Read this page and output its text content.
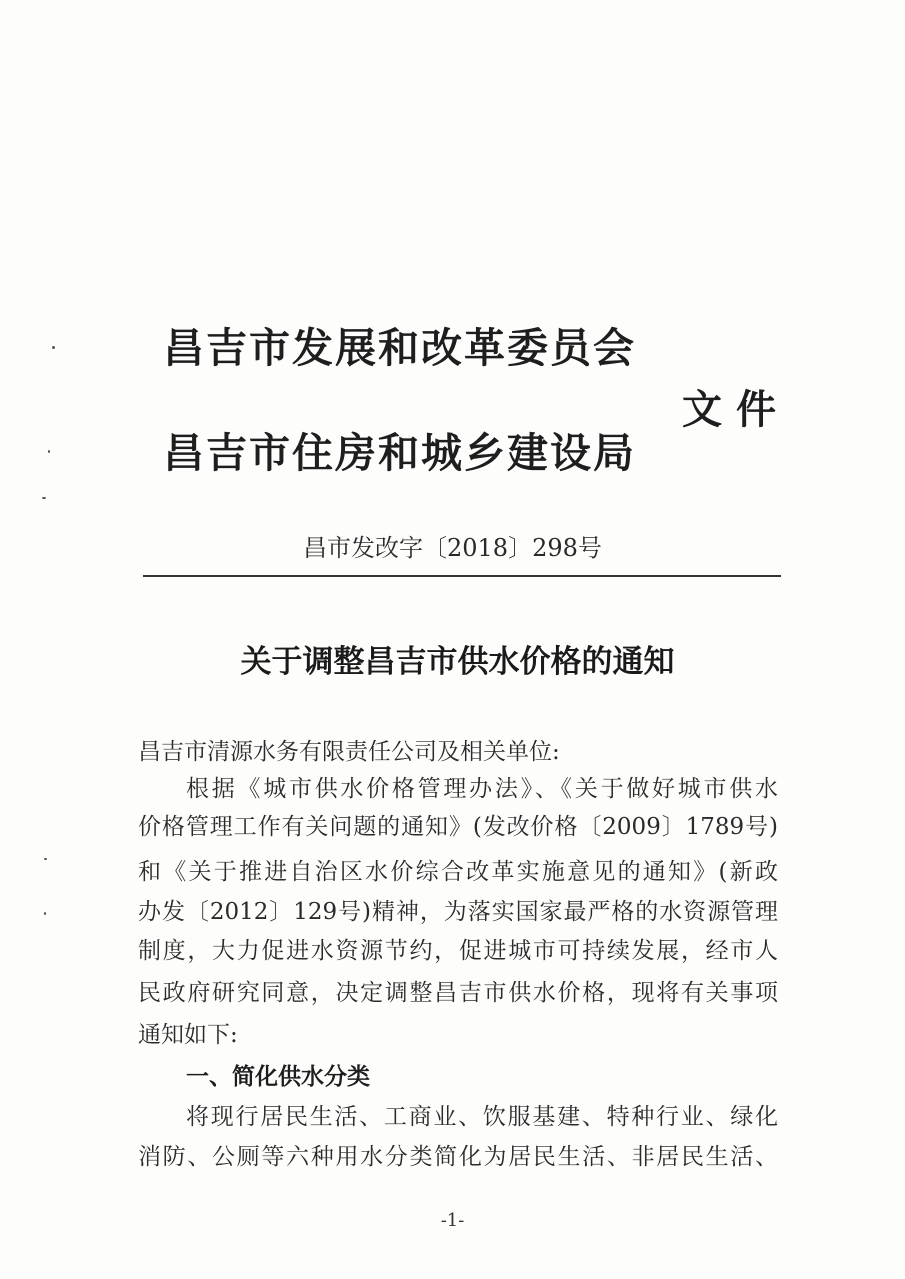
昌吉市发展和改革委员会
文件
昌吉市住房和城乡建设局
昌市发改字〔2018〕298号
关于调整昌吉市供水价格的通知
昌吉市清源水务有限责任公司及相关单位:
根据《城市供水价格管理办法》、《关于做好城市供水
价格管理工作有关问题的通知》(发改价格〔2009〕1789号)
和《关于推进自治区水价综合改革实施意见的通知》(新政
办发〔2012〕129号)精神，为落实国家最严格的水资源管理
制度，大力促进水资源节约，促进城市可持续发展，经市人
民政府研究同意，决定调整昌吉市供水价格，现将有关事项
通知如下:
一、简化供水分类
将现行居民生活、工商业、饮服基建、特种行业、绿化
消防、公厕等六种用水分类简化为居民生活、非居民生活、
-1-
